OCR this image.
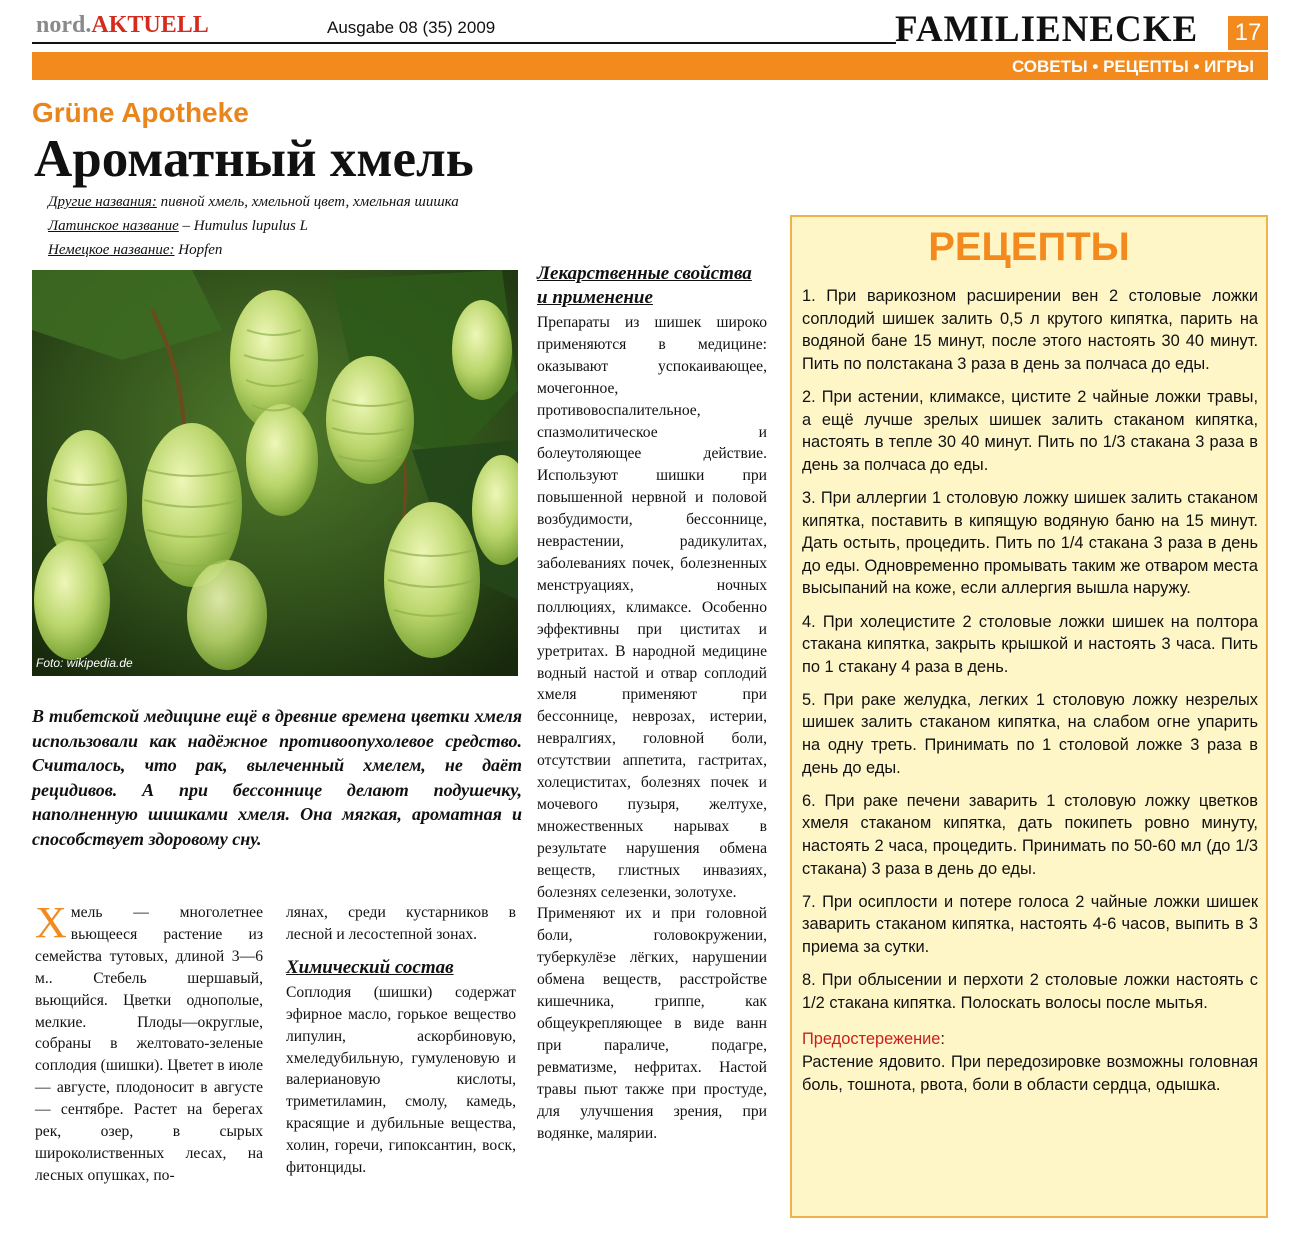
nord.AKTUELL	Ausgabe 08 (35) 2009	FAMILIENECKE 17
СОВЕТЫ • РЕЦЕПТЫ • ИГРЫ
Grüne Apotheke
Ароматный хмель
Другие названия: пивной хмель, хмельной цвет, хмельная шишка
Латинское название – Humulus lupulus L
Немецкое название: Hopfen
Foto: wikipedia.de
В тибетской медицине ещё в древние времена цветки хмеля использовали как надёжное противоопухолевое средство. Считалось, что рак, вылеченный хмелем, не даёт рецидивов. А при бессоннице делают подушечку, наполненную шишками хмеля. Она мягкая, ароматная и способствует здоровому сну.
Хмель — многолетнее вьющееся растение из семейства тутовых, длиной 3—6 м.. Стебель шершавый, вьющийся. Цветки однополые, мелкие. Плоды—округлые, собраны в желтовато-зеленые соплодия (шишки). Цветет в июле — августе, плодоносит в августе — сентябре. Растет на берегах рек, озер, в сырых широколиственных лесах, на лесных опушках, по-
лянах, среди кустарников в лесной и лесостепной зонах.
Химический состав
Соплодия (шишки) содержат эфирное масло, горькое вещество липулин, аскорбиновую, хмеледубильную, гумуленовую и валериановую кислоты, триметиламин, смолу, камедь, красящие и дубильные вещества, холин, горечи, гипоксантин, воск, фитонциды.
Лекарственные свойства и применение
Препараты из шишек широко применяются в медицине: оказывают успокаивающее, мочегонное, противовоспалительное, спазмолитическое и болеутоляющее действие. Используют шишки при повышенной нервной и половой возбудимости, бессоннице, неврастении, радикулитах, заболеваниях почек, болезненных менструациях, ночных поллюциях, климаксе. Особенно эффективны при циститах и уретритах. В народной медицине водный настой и отвар соплодий хмеля применяют при бессоннице, неврозах, истерии, невралгиях, головной боли, отсутствии аппетита, гастритах, холециститах, болезнях почек и мочевого пузыря, желтухе, множественных нарывах в результате нарушения обмена веществ, глистных инвазиях, болезнях селезенки, золотухе.
Применяют их и при головной боли, головокружении, туберкулёзе лёгких, нарушении обмена веществ, расстройстве кишечника, гриппе, как общеукрепляющее в виде ванн при параличе, подагре, ревматизме, нефритах. Настой травы пьют также при простуде, для улучшения зрения, при водянке, малярии.
РЕЦЕПТЫ
1. При варикозном расширении вен 2 столовые ложки соплодий шишек залить 0,5 л крутого кипятка, парить на водяной бане 15 минут, после этого настоять 30 40 минут. Пить по полстакана 3 раза в день за полчаса до еды.
2. При астении, климаксе, цистите 2 чайные ложки травы, а ещё лучше зрелых шишек залить стаканом кипятка, настоять в тепле 30 40 минут. Пить по 1/3 стакана 3 раза в день за полчаса до еды.
3. При аллергии 1 столовую ложку шишек залить стаканом кипятка, поставить в кипящую водяную баню на 15 минут. Дать остыть, процедить. Пить по 1/4 стакана 3 раза в день до еды. Одновременно промывать таким же отваром места высыпаний на коже, если аллергия вышла наружу.
4. При холецистите 2 столовые ложки шишек на полтора стакана кипятка, закрыть крышкой и настоять 3 часа. Пить по 1 стакану 4 раза в день.
5. При раке желудка, легких 1 столовую ложку незрелых шишек залить стаканом кипятка, на слабом огне упарить на одну треть. Принимать по 1 столовой ложке 3 раза в день до еды.
6. При раке печени заварить 1 столовую ложку цветков хмеля стаканом кипятка, дать покипеть ровно минуту, настоять 2 часа, процедить. Принимать по 50-60 мл (до 1/3 стакана) 3 раза в день до еды.
7. При осиплости и потере голоса 2 чайные ложки шишек заварить стаканом кипятка, настоять 4-6 часов, выпить в 3 приема за сутки.
8. При облысении и перхоти 2 столовые ложки настоять с 1/2 стакана кипятка. Полоскать волосы после мытья.
Предостережение:
Растение ядовито. При передозировке возможны головная боль, тошнота, рвота, боли в области сердца, одышка.
